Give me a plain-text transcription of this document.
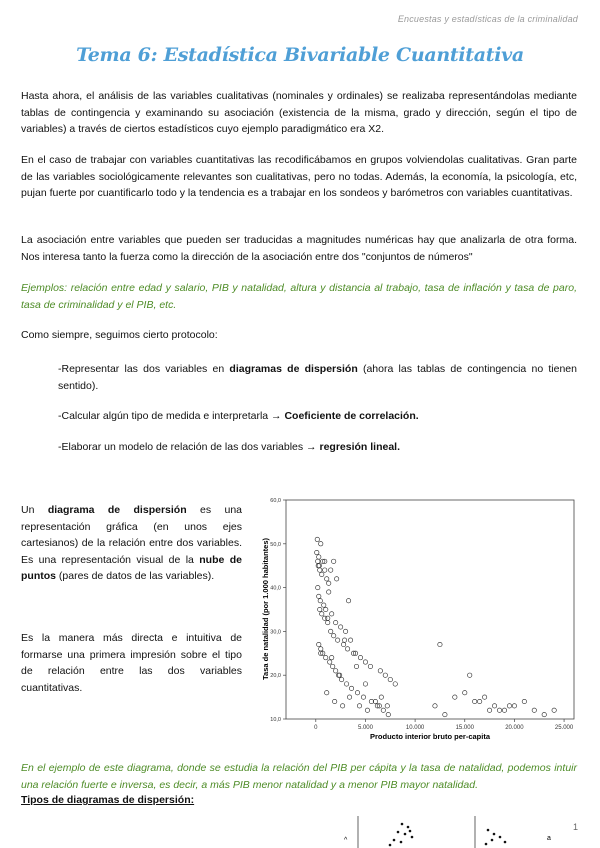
Encuestas y estadísticas de la criminalidad
Tema 6: Estadística Bivariable Cuantitativa

Hasta ahora, el análisis de las variables cualitativas (nominales y ordinales) se realizaba representándolas mediante tablas de contingencia y examinando su asociación (existencia de la misma, grado y dirección, según el tipo de variables) a través de ciertos estadísticos cuyo ejemplo paradigmático era X2.

En el caso de trabajar con variables cuantitativas las recodificábamos en grupos volviendolas cualitativas. Gran parte de las variables sociológicamente relevantes son cualitativas, pero no todas. Además, la economía, la psicología, etc, pujan fuerte por cuantificarlo todo y la tendencia es a trabajar en los sondeos y barómetros con variables cuantitativas.

La asociación entre variables que pueden ser traducidas a magnitudes numéricas hay que analizarla de otra forma. Nos interesa tanto la fuerza como la dirección de la asociación entre dos "conjuntos de números"

Ejemplos: relación entre edad y salario, PIB y natalidad, altura y distancia al trabajo, tasa de inflación y tasa de paro, tasa de criminalidad y el PIB, etc.

Como siempre, seguimos cierto protocolo:

-Representar las dos variables en diagramas de dispersión (ahora las tablas de contingencia no tienen sentido).

-Calcular algún tipo de medida e interpretarla → Coeficiente de correlación.

-Elaborar un modelo de relación de las dos variables → regresión lineal.

Un diagrama de dispersión es una representación gráfica (en unos ejes cartesianos) de la relación entre dos variables. Es una representación visual de la nube de puntos (pares de datos de las variables).

Es la manera más directa e intuitiva de formarse una primera impresión sobre el tipo de relación entre las dos variables cuantitativas.

0	5.000	10.000	15.000	20.000	25.000
10,0
20,0
30,0
40,0
50,0
60,0
Producto interior bruto per-capita
Tasa de natalidad (por 1.000 habitantes)

En el ejemplo de este diagrama, donde se estudia la relación del PIB per cápita y la tasa de natalidad, podemos intuir una relación fuerte e inversa, es decir, a más PIB menor natalidad y a menor PIB mayor natalidad.

Tipos de diagramas de dispersión:
^	a
1
